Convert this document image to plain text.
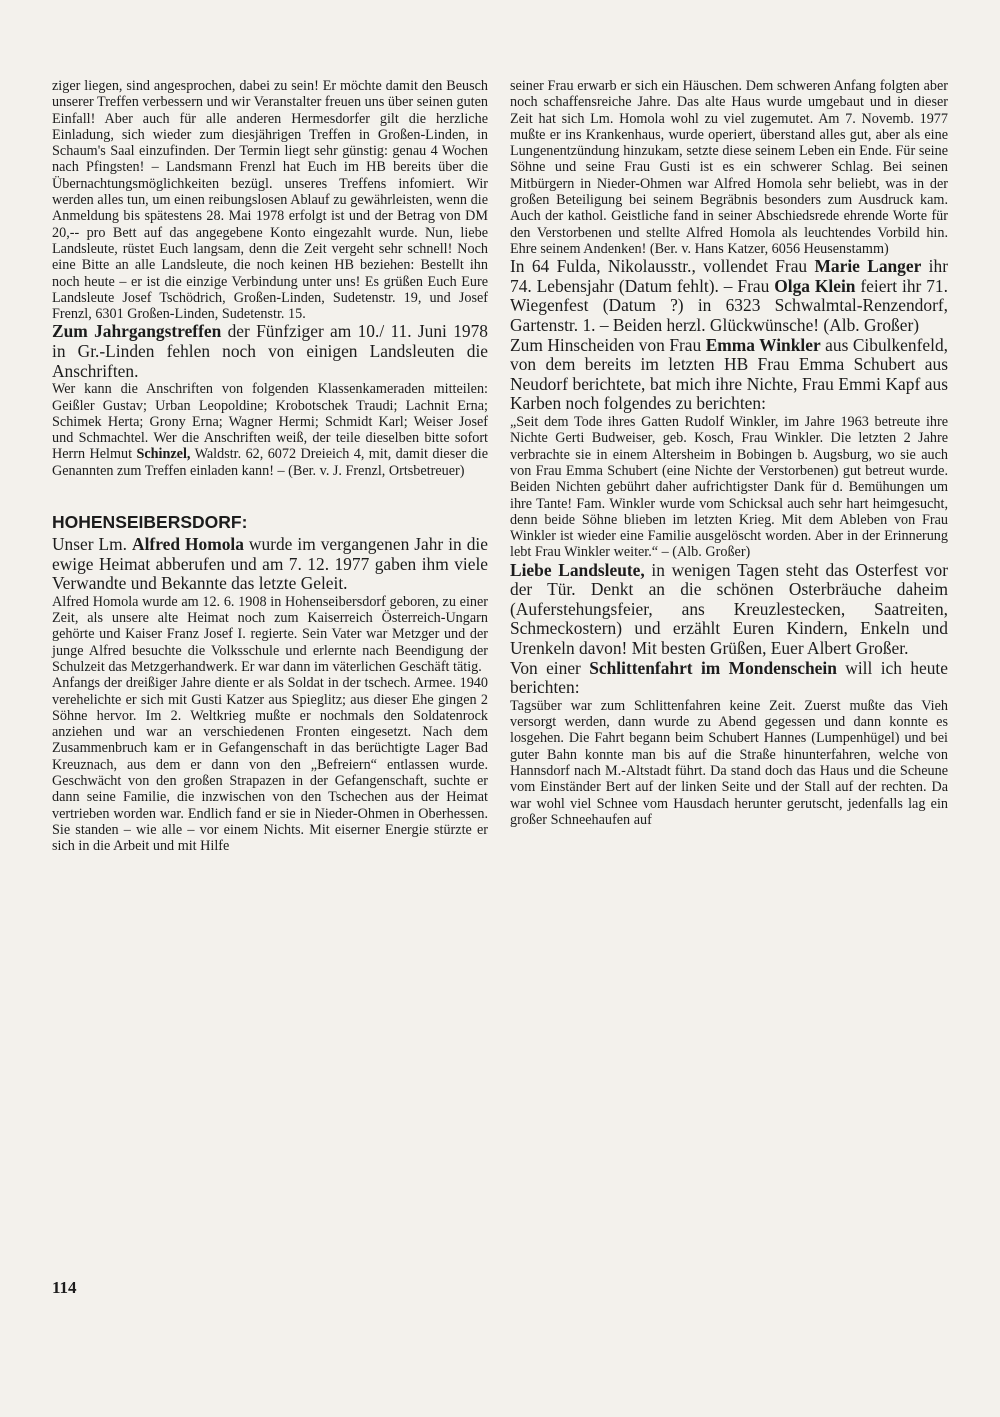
ziger liegen, sind angesprochen, dabei zu sein! Er möchte damit den Beusch unserer Treffen verbessern und wir Veranstalter freuen uns über seinen guten Einfall! Aber auch für alle anderen Hermesdorfer gilt die herzliche Einladung, sich wieder zum diesjährigen Treffen in Großen-Linden, in Schaum's Saal einzufinden. Der Termin liegt sehr günstig: genau 4 Wochen nach Pfingsten! – Landsmann Frenzl hat Euch im HB bereits über die Übernachtungsmöglichkeiten bezügl. unseres Treffens infomiert. Wir werden alles tun, um einen reibungslosen Ablauf zu gewährleisten, wenn die Anmeldung bis spätestens 28. Mai 1978 erfolgt ist und der Betrag von DM 20,-- pro Bett auf das angegebene Konto eingezahlt wurde. Nun, liebe Landsleute, rüstet Euch langsam, denn die Zeit vergeht sehr schnell! Noch eine Bitte an alle Landsleute, die noch keinen HB beziehen: Bestellt ihn noch heute – er ist die einzige Verbindung unter uns! Es grüßen Euch Eure Landsleute Josef Tschödrich, Großen-Linden, Sudetenstr. 19, und Josef Frenzl, 6301 Großen-Linden, Sudetenstr. 15.

Zum Jahrgangstreffen der Fünfziger am 10./ 11. Juni 1978 in Gr.-Linden fehlen noch von einigen Landsleuten die Anschriften.

Wer kann die Anschriften von folgenden Klassenkameraden mitteilen: Geißler Gustav; Urban Leopoldine; Krobotschek Traudi; Lachnit Erna; Schimek Herta; Grony Erna; Wagner Hermi; Schmidt Karl; Weiser Josef und Schmachtel. Wer die Anschriften weiß, der teile dieselben bitte sofort Herrn Helmut Schinzel, Waldstr. 62, 6072 Dreieich 4, mit, damit dieser die Genannten zum Treffen einladen kann! – (Ber. v. J. Frenzl, Ortsbetreuer)

HOHENSEIBERSDORF:

Unser Lm. Alfred Homola wurde im vergangenen Jahr in die ewige Heimat abberufen und am 7. 12. 1977 gaben ihm viele Verwandte und Bekannte das letzte Geleit.

Alfred Homola wurde am 12. 6. 1908 in Hohenseibersdorf geboren, zu einer Zeit, als unsere alte Heimat noch zum Kaiserreich Österreich-Ungarn gehörte und Kaiser Franz Josef I. regierte. Sein Vater war Metzger und der junge Alfred besuchte die Volksschule und erlernte nach Beendigung der Schulzeit das Metzgerhandwerk. Er war dann im väterlichen Geschäft tätig.

Anfangs der dreißiger Jahre diente er als Soldat in der tschech. Armee. 1940 verehelichte er sich mit Gusti Katzer aus Spieglitz; aus dieser Ehe gingen 2 Söhne hervor. Im 2. Weltkrieg mußte er nochmals den Soldatenrock anziehen und war an verschiedenen Fronten eingesetzt. Nach dem Zusammenbruch kam er in Gefangenschaft in das berüchtigte Lager Bad Kreuznach, aus dem er dann von den „Befreiern“ entlassen wurde. Geschwächt von den großen Strapazen in der Gefangenschaft, suchte er dann seine Familie, die inzwischen von den Tschechen aus der Heimat vertrieben worden war. Endlich fand er sie in Nieder-Ohmen in Oberhessen. Sie standen – wie alle – vor einem Nichts. Mit eiserner Energie stürzte er sich in die Arbeit und mit Hilfe

seiner Frau erwarb er sich ein Häuschen. Dem schweren Anfang folgten aber noch schaffensreiche Jahre. Das alte Haus wurde umgebaut und in dieser Zeit hat sich Lm. Homola wohl zu viel zugemutet. Am 7. Novemb. 1977 mußte er ins Krankenhaus, wurde operiert, überstand alles gut, aber als eine Lungenentzündung hinzukam, setzte diese seinem Leben ein Ende. Für seine Söhne und seine Frau Gusti ist es ein schwerer Schlag. Bei seinen Mitbürgern in Nieder-Ohmen war Alfred Homola sehr beliebt, was in der großen Beteiligung bei seinem Begräbnis besonders zum Ausdruck kam. Auch der kathol. Geistliche fand in seiner Abschiedsrede ehrende Worte für den Verstorbenen und stellte Alfred Homola als leuchtendes Vorbild hin. Ehre seinem Andenken! (Ber. v. Hans Katzer, 6056 Heusenstamm)

In 64 Fulda, Nikolausstr., vollendet Frau Marie Langer ihr 74. Lebensjahr (Datum fehlt). – Frau Olga Klein feiert ihr 71. Wiegenfest (Datum ?) in 6323 Schwalmtal-Renzendorf, Gartenstr. 1. – Beiden herzl. Glückwünsche! (Alb. Großer)

Zum Hinscheiden von Frau Emma Winkler aus Cibulkenfeld, von dem bereits im letzten HB Frau Emma Schubert aus Neudorf berichtete, bat mich ihre Nichte, Frau Emmi Kapf aus Karben noch folgendes zu berichten:

„Seit dem Tode ihres Gatten Rudolf Winkler, im Jahre 1963 betreute ihre Nichte Gerti Budweiser, geb. Kosch, Frau Winkler. Die letzten 2 Jahre verbrachte sie in einem Altersheim in Bobingen b. Augsburg, wo sie auch von Frau Emma Schubert (eine Nichte der Verstorbenen) gut betreut wurde. Beiden Nichten gebührt daher aufrichtigster Dank für d. Bemühungen um ihre Tante! Fam. Winkler wurde vom Schicksal auch sehr hart heimgesucht, denn beide Söhne blieben im letzten Krieg. Mit dem Ableben von Frau Winkler ist wieder eine Familie ausgelöscht worden. Aber in der Erinnerung lebt Frau Winkler weiter.“ – (Alb. Großer)

Liebe Landsleute, in wenigen Tagen steht das Osterfest vor der Tür. Denkt an die schönen Osterbräuche daheim (Auferstehungsfeier, ans Kreuzlestecken, Saatreiten, Schmeckostern) und erzählt Euren Kindern, Enkeln und Urenkeln davon! Mit besten Grüßen, Euer Albert Großer.

Von einer Schlittenfahrt im Mondenschein will ich heute berichten:

Tagsüber war zum Schlittenfahren keine Zeit. Zuerst mußte das Vieh versorgt werden, dann wurde zu Abend gegessen und dann konnte es losgehen. Die Fahrt begann beim Schubert Hannes (Lumpenhügel) und bei guter Bahn konnte man bis auf die Straße hinunterfahren, welche von Hannsdorf nach M.-Altstadt führt. Da stand doch das Haus und die Scheune vom Einständer Bert auf der linken Seite und der Stall auf der rechten. Da war wohl viel Schnee vom Hausdach herunter gerutscht, jedenfalls lag ein großer Schneehaufen auf

114
